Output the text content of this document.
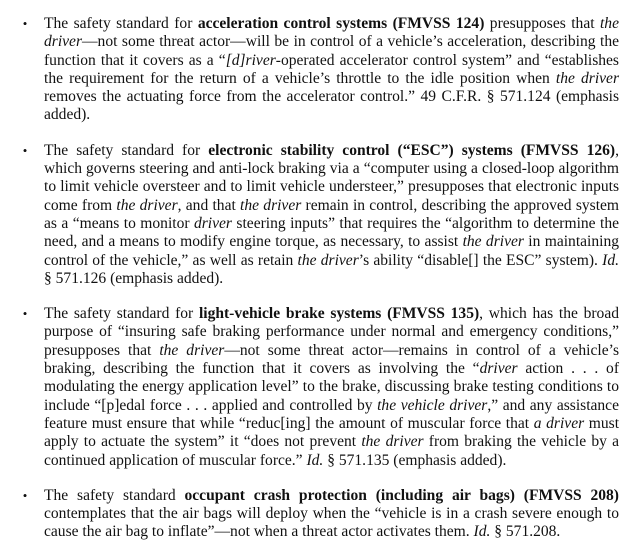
• The safety standard for acceleration control systems (FMVSS 124) presupposes that the driver—not some threat actor—will be in control of a vehicle’s acceleration, describing the function that it covers as a “[d]river-operated accelerator control system” and “establishes the requirement for the return of a vehicle’s throttle to the idle position when the driver removes the actuating force from the accelerator control.” 49 C.F.R. § 571.124 (emphasis added).
• The safety standard for electronic stability control (“ESC”) systems (FMVSS 126), which governs steering and anti-lock braking via a “computer using a closed-loop algorithm to limit vehicle oversteer and to limit vehicle understeer,” presupposes that electronic inputs come from the driver, and that the driver remain in control, describing the approved system as a “means to monitor driver steering inputs” that requires the “algorithm to determine the need, and a means to modify engine torque, as necessary, to assist the driver in maintaining control of the vehicle,” as well as retain the driver’s ability “disable[] the ESC” system). Id. § 571.126 (emphasis added).
• The safety standard for light-vehicle brake systems (FMVSS 135), which has the broad purpose of “insuring safe braking performance under normal and emergency conditions,” presupposes that the driver—not some threat actor—remains in control of a vehicle’s braking, describing the function that it covers as involving the “driver action . . . of modulating the energy application level” to the brake, discussing brake testing conditions to include “[p]edal force . . . applied and controlled by the vehicle driver,” and any assistance feature must ensure that while “reduc[ing] the amount of muscular force that a driver must apply to actuate the system” it “does not prevent the driver from braking the vehicle by a continued application of muscular force.” Id. § 571.135 (emphasis added).
• The safety standard occupant crash protection (including air bags) (FMVSS 208) contemplates that the air bags will deploy when the “vehicle is in a crash severe enough to cause the air bag to inflate”—not when a threat actor activates them. Id. § 571.208.
